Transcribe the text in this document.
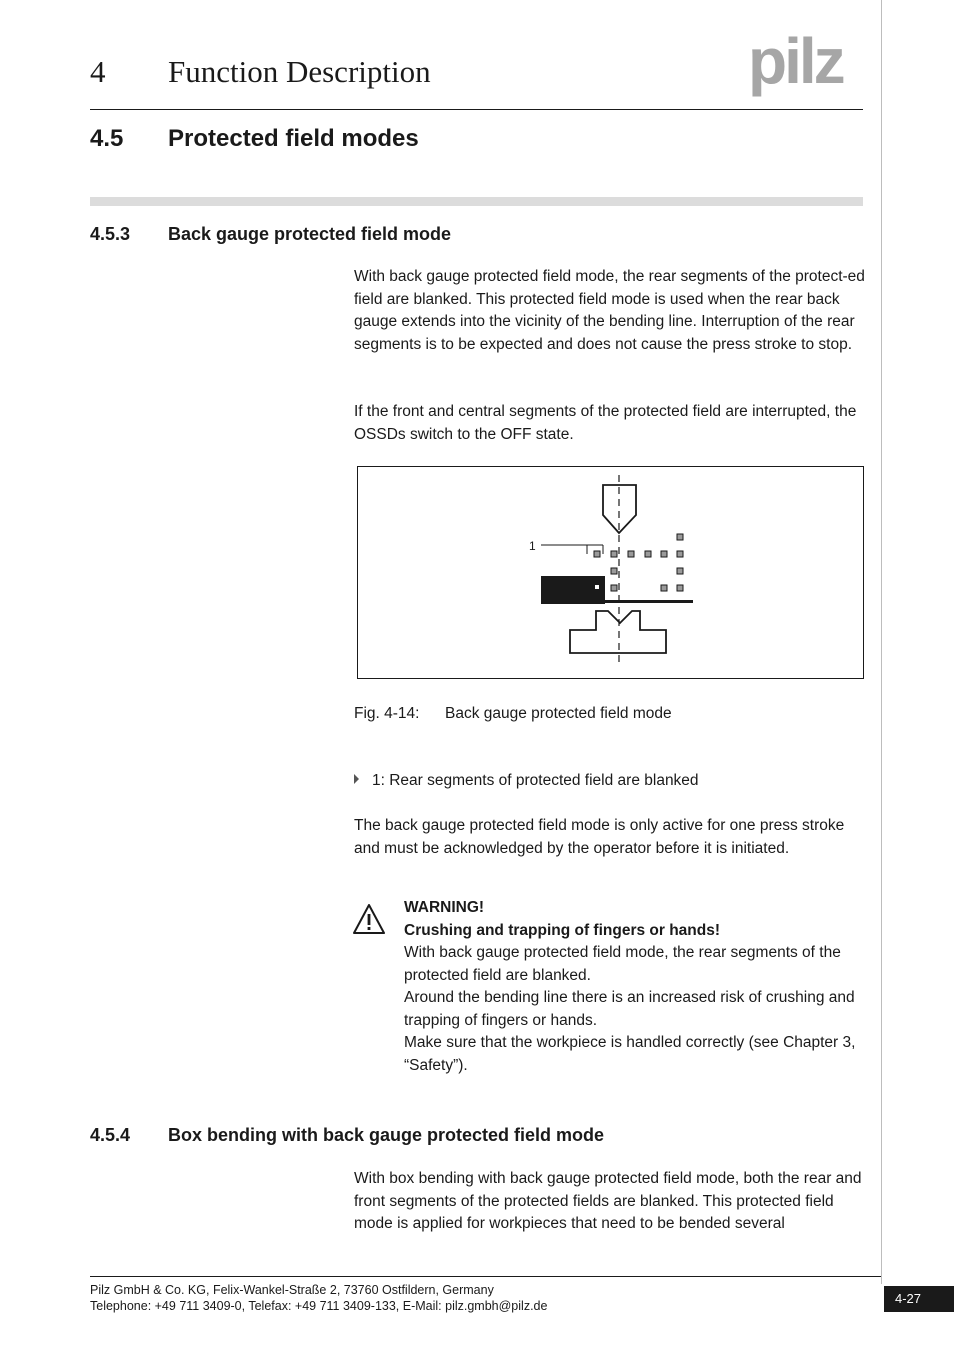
4 Function Description	pilz
4.5 Protected field modes
4.5.3 Back gauge protected field mode

With back gauge protected field mode, the rear segments of the protect-ed field are blanked. This protected field mode is used when the rear back gauge extends into the vicinity of the bending line. Interruption of the rear segments is to be expected and does not cause the press stroke to stop.

If the front and central segments of the protected field are interrupted, the OSSDs switch to the OFF state.

1
Fig. 4-14: Back gauge protected field mode
1: Rear segments of protected field are blanked

The back gauge protected field mode is only active for one press stroke and must be acknowledged by the operator before it is initiated.

WARNING!
Crushing and trapping of fingers or hands!
With back gauge protected field mode, the rear segments of the protected field are blanked.
Around the bending line there is an increased risk of crushing and trapping of fingers or hands.
Make sure that the workpiece is handled correctly (see Chapter 3, “Safety”).
4.5.4 Box bending with back gauge protected field mode

With box bending with back gauge protected field mode, both the rear and front segments of the protected fields are blanked. This protected field mode is applied for workpieces that need to be bended several

Pilz GmbH & Co. KG, Felix-Wankel-Straße 2, 73760 Ostfildern, Germany
Telephone: +49 711 3409-0, Telefax: +49 711 3409-133, E-Mail: pilz.gmbh@pilz.de	4-27
